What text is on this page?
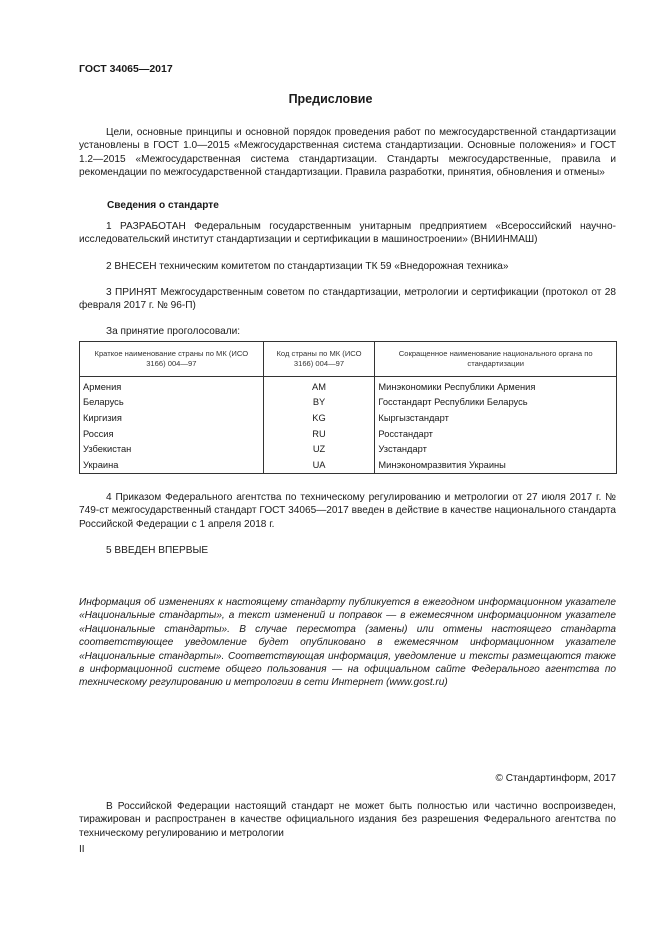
ГОСТ 34065—2017
Предисловие
Цели, основные принципы и основной порядок проведения работ по межгосударственной стандартизации установлены в ГОСТ 1.0—2015 «Межгосударственная система стандартизации. Основные положения» и ГОСТ 1.2—2015 «Межгосударственная система стандартизации. Стандарты межгосударственные, правила и рекомендации по межгосударственной стандартизации. Правила разработки, принятия, обновления и отмены»
Сведения о стандарте
1 РАЗРАБОТАН Федеральным государственным унитарным предприятием «Всероссийский научно-исследовательский институт стандартизации и сертификации в машиностроении» (ВНИИНМАШ)
2 ВНЕСЕН техническим комитетом по стандартизации ТК 59 «Внедорожная техника»
3 ПРИНЯТ Межгосударственным советом по стандартизации, метрологии и сертификации (протокол от 28 февраля 2017 г. № 96-П)
За принятие проголосовали:
Краткое наименование страны по МК (ИСО 3166) 004—97	Код страны по МК (ИСО 3166) 004—97	Сокращенное наименование национального органа по стандартизации
Армения	AM	Минэкономики Республики Армения
Беларусь	BY	Госстандарт Республики Беларусь
Киргизия	KG	Кыргызстандарт
Россия	RU	Росстандарт
Узбекистан	UZ	Узстандарт
Украина	UA	Минэкономразвития Украины
4 Приказом Федерального агентства по техническому регулированию и метрологии от 27 июля 2017 г. № 749-ст межгосударственный стандарт ГОСТ 34065—2017 введен в действие в качестве национального стандарта Российской Федерации с 1 апреля 2018 г.
5 ВВЕДЕН ВПЕРВЫЕ
Информация об изменениях к настоящему стандарту публикуется в ежегодном информационном указателе «Национальные стандарты», а текст изменений и поправок — в ежемесячном информационном указателе «Национальные стандарты». В случае пересмотра (замены) или отмены настоящего стандарта соответствующее уведомление будет опубликовано в ежемесячном информационном указателе «Национальные стандарты». Соответствующая информация, уведомление и тексты размещаются также в информационной системе общего пользования — на официальном сайте Федерального агентства по техническому регулированию и метрологии в сети Интернет (www.gost.ru)
© Стандартинформ, 2017
В Российской Федерации настоящий стандарт не может быть полностью или частично воспроизведен, тиражирован и распространен в качестве официального издания без разрешения Федерального агентства по техническому регулированию и метрологии
II
